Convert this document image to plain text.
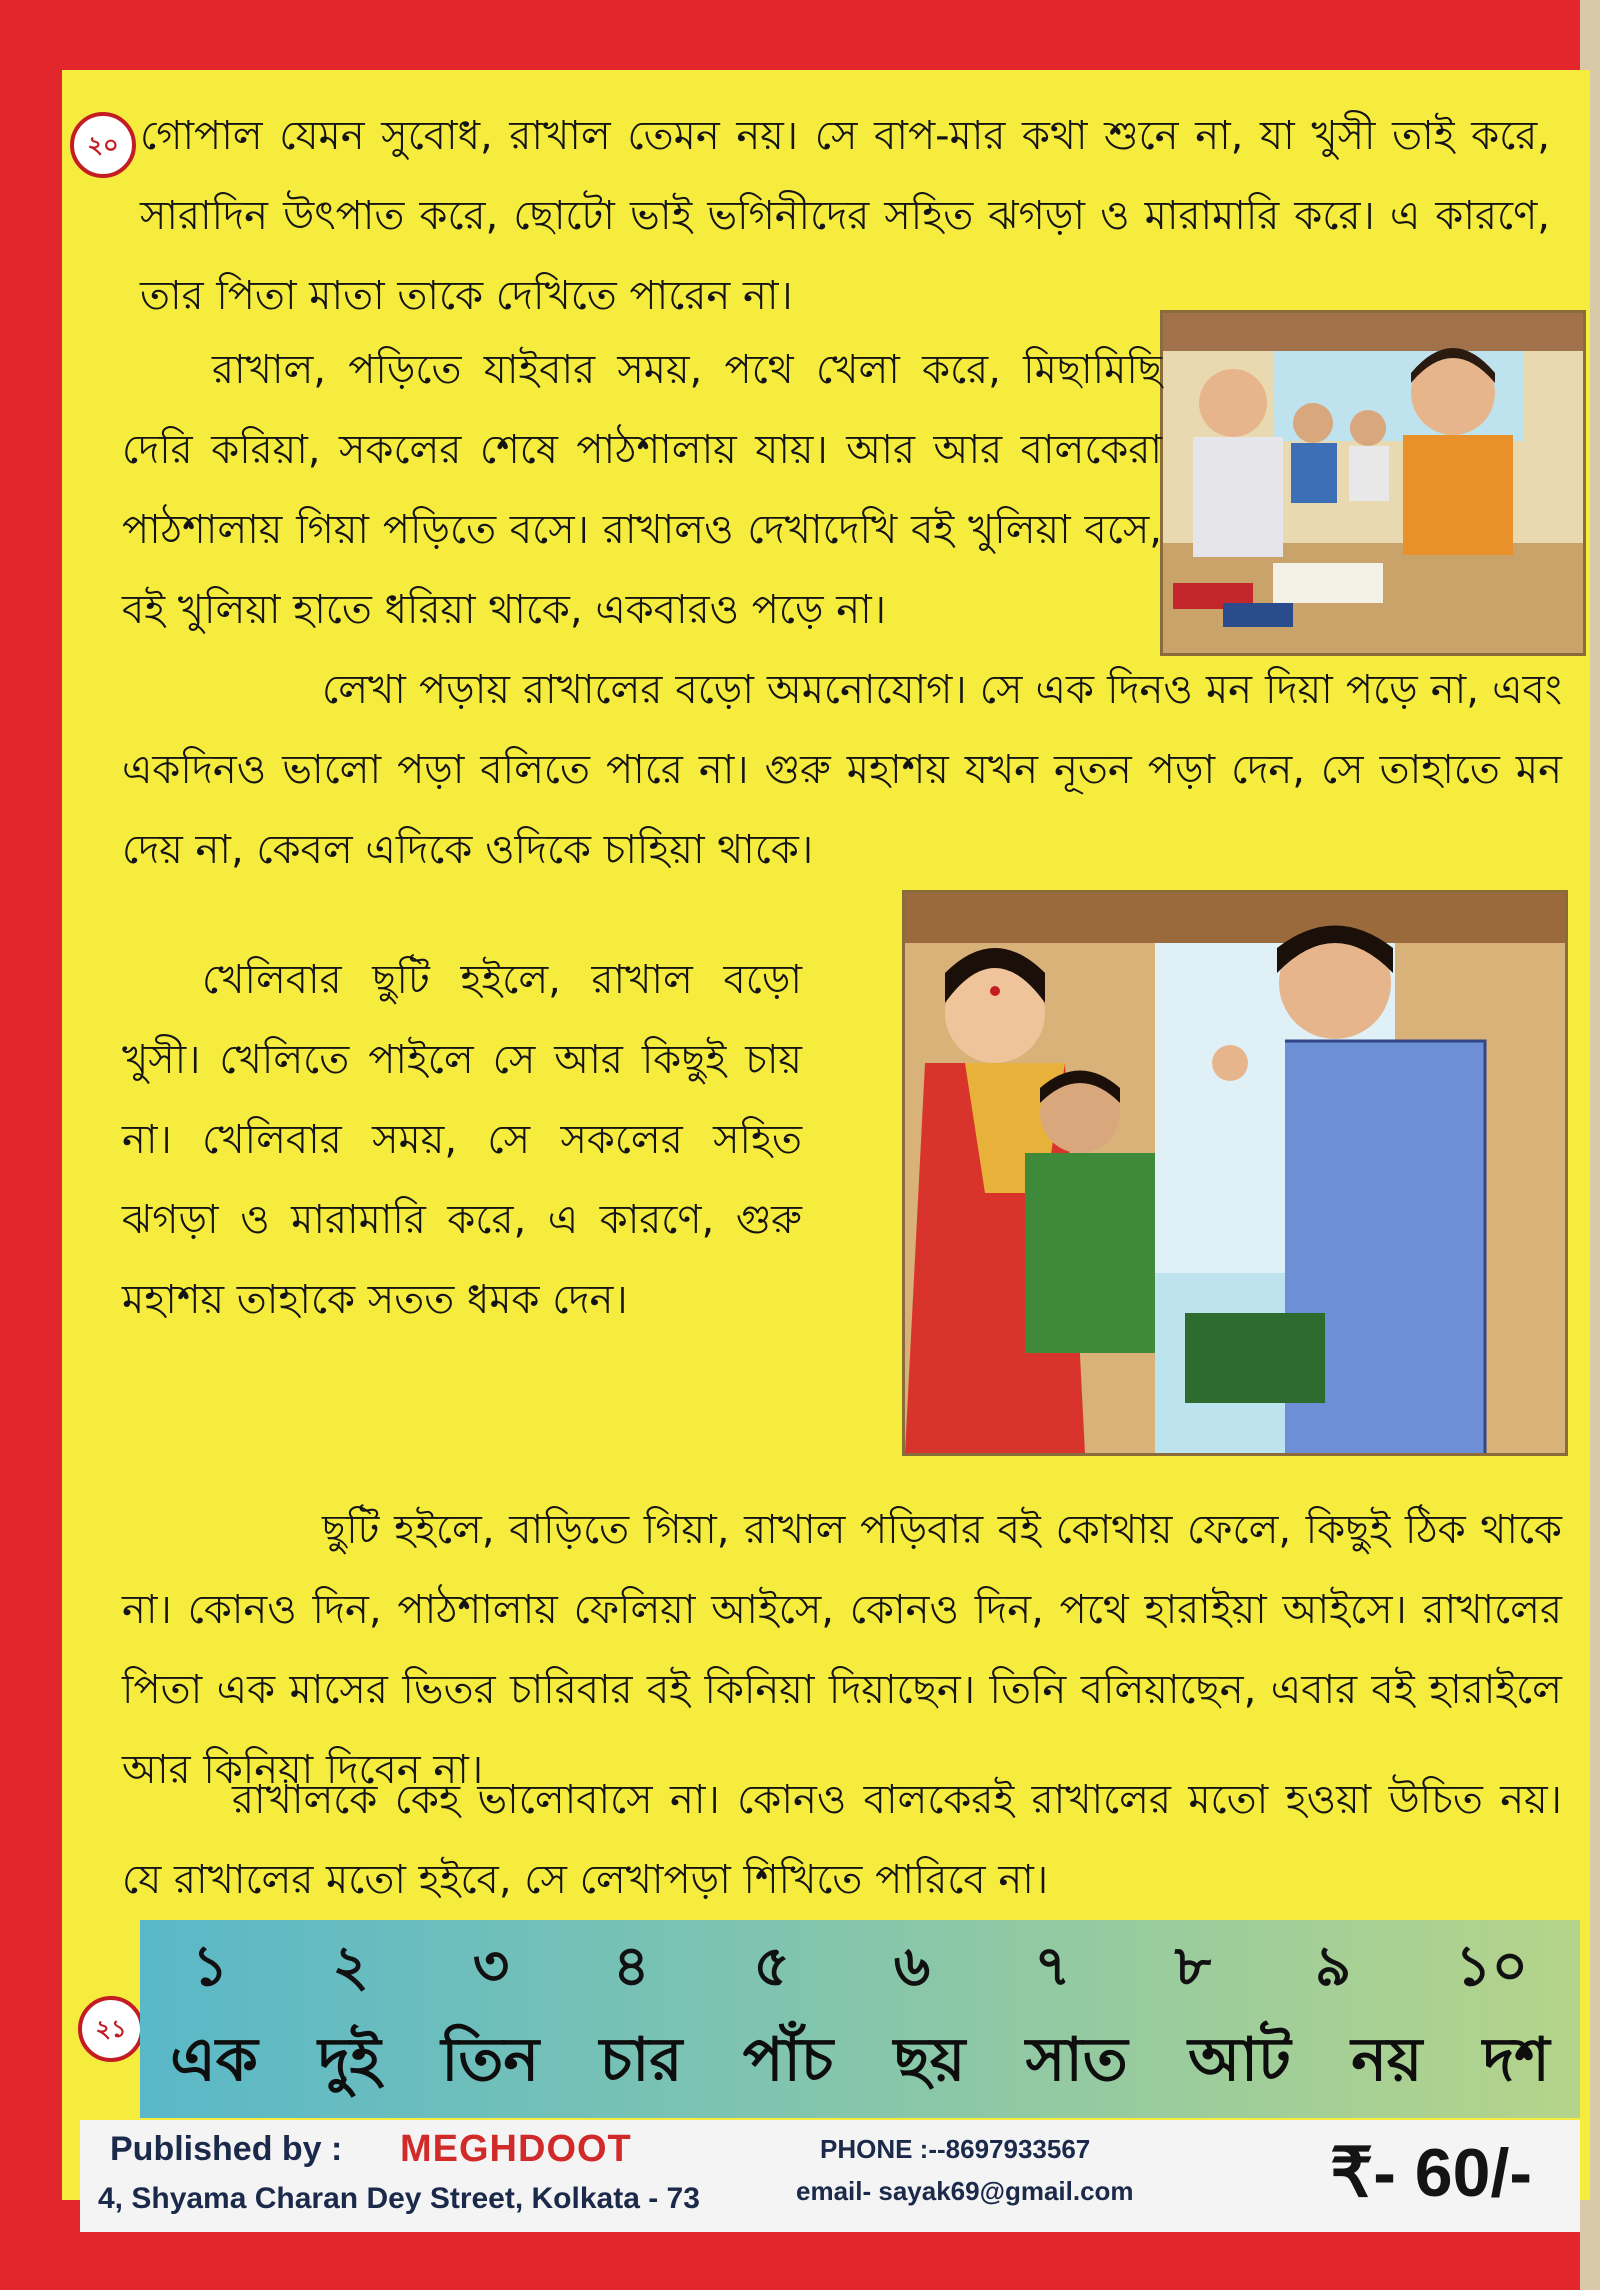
২০ গোপাল যেমন সুবোধ, রাখাল তেমন নয়। সে বাপ-মার কথা শুনে না, যা খুসী তাই করে, সারাদিন উৎপাত করে, ছোটো ভাই ভগিনীদের সহিত ঝগড়া ও মারামারি করে। এ কারণে, তার পিতা মাতা তাকে দেখিতে পারেন না।
রাখাল, পড়িতে যাইবার সময়, পথে খেলা করে, মিছামিছি দেরি করিয়া, সকলের শেষে পাঠশালায় যায়। আর আর বালকেরা পাঠশালায় গিয়া পড়িতে বসে। রাখালও দেখাদেখি বই খুলিয়া বসে, বই খুলিয়া হাতে ধরিয়া থাকে, একবারও পড়ে না।
লেখা পড়ায় রাখালের বড়ো অমনোযোগ। সে এক দিনও মন দিয়া পড়ে না, এবং একদিনও ভালো পড়া বলিতে পারে না। গুরু মহাশয় যখন নূতন পড়া দেন, সে তাহাতে মন দেয় না, কেবল এদিকে ওদিকে চাহিয়া থাকে।
খেলিবার ছুটি হইলে, রাখাল বড়ো খুসী। খেলিতে পাইলে সে আর কিছুই চায় না। খেলিবার সময়, সে সকলের সহিত ঝগড়া ও মারামারি করে, এ কারণে, গুরু মহাশয় তাহাকে সতত ধমক দেন।
ছুটি হইলে, বাড়িতে গিয়া, রাখাল পড়িবার বই কোথায় ফেলে, কিছুই ঠিক থাকে না। কোনও দিন, পাঠশালায় ফেলিয়া আইসে, কোনও দিন, পথে হারাইয়া আইসে। রাখালের পিতা এক মাসের ভিতর চারিবার বই কিনিয়া দিয়াছেন। তিনি বলিয়াছেন, এবার বই হারাইলে আর কিনিয়া দিবেন না।
রাখালকে কেহ ভালোবাসে না। কোনও বালকেরই রাখালের মতো হওয়া উচিত নয়। যে রাখালের মতো হইবে, সে লেখাপড়া শিখিতে পারিবে না।
২১
১ ২ ৩ ৪ ৫ ৬ ৭ ৮ ৯ ১০
এক দুই তিন চার পাঁচ ছয় সাত আট নয় দশ
Published by : MEGHDOOT
4, Shyama Charan Dey Street, Kolkata - 73
PHONE :--8697933567
email- sayak69@gmail.com	₹- 60/-
